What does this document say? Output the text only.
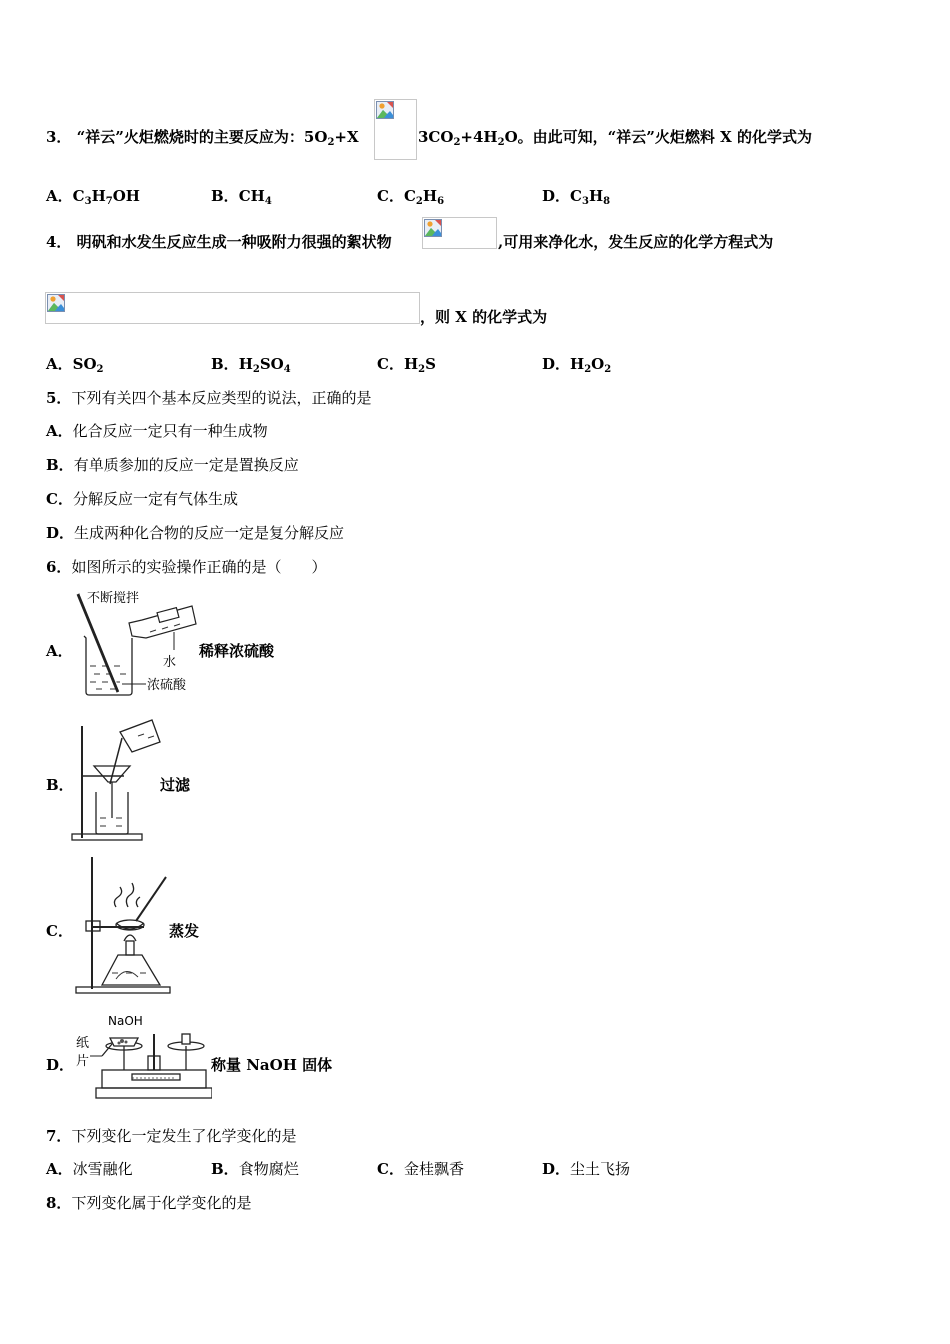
3． “祥云”火炬燃烧时的主要反应为：$5O_2+X$	$3CO_2+4H_2O$。由此可知，“祥云”火炬燃料 X 的化学式为
A．$C_3H_7OH$	B．$CH_4$	C．$C_2H_6$	D．$C_3H_8$
4． 明矾和水发生反应生成一种吸附力很强的絮状物	,可用来净化水，发生反应的化学方程式为
，则 X 的化学式为
A．$SO_2$	B．$H_2SO_4$	C．$H_2S$	D．$H_2O_2$
5．下列有关四个基本反应类型的说法，正确的是
A．化合反应一定只有一种生成物
B．有单质参加的反应一定是置换反应
C．分解反应一定有气体生成
D．生成两种化合物的反应一定是复分解反应
6．如图所示的实验操作正确的是（　　）
A．
不断搅拌
水
浓硫酸
稀释浓硫酸
B．	过滤
C．	蒸发
D．
NaOH
纸
片	称量 NaOH 固体
7．下列变化一定发生了化学变化的是
A．冰雪融化	B．食物腐烂	C．金桂飘香	D．尘土飞扬
8．下列变化属于化学变化的是
